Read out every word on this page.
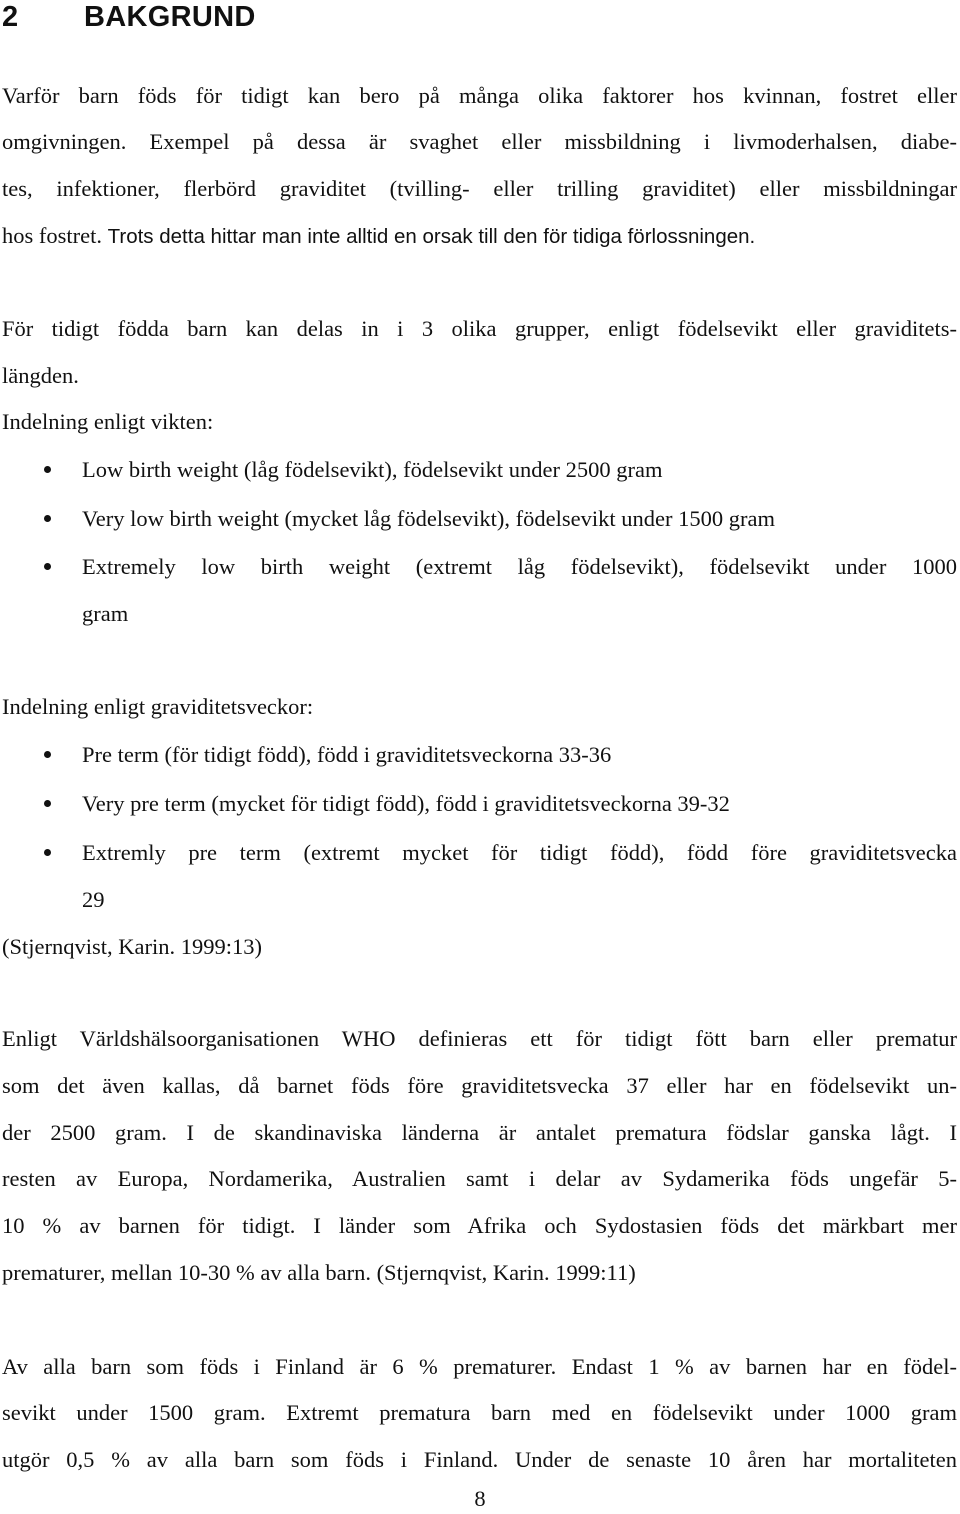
2 BAKGRUND
Varför barn föds för tidigt kan bero på många olika faktorer hos kvinnan, fostret eller
omgivningen. Exempel på dessa är svaghet eller missbildning i livmoderhalsen, diabe-
tes, infektioner, flerbörd graviditet (tvilling- eller trilling graviditet) eller missbildningar
hos fostret. Trots detta hittar man inte alltid en orsak till den för tidiga förlossningen.
För tidigt födda barn kan delas in i 3 olika grupper, enligt födelsevikt eller graviditets-
längden.
Indelning enligt vikten:
Low birth weight (låg födelsevikt), födelsevikt under 2500 gram
Very low birth weight (mycket låg födelsevikt), födelsevikt under 1500 gram
Extremely low birth weight (extremt låg födelsevikt), födelsevikt under 1000
gram
Indelning enligt graviditetsveckor:
Pre term (för tidigt född), född i graviditetsveckorna 33-36
Very pre term (mycket för tidigt född), född i graviditetsveckorna 39-32
Extremly pre term (extremt mycket för tidigt född), född före graviditetsvecka
29
(Stjernqvist, Karin. 1999:13)
Enligt Världshälsoorganisationen WHO definieras ett för tidigt fött barn eller prematur
som det även kallas, då barnet föds före graviditetsvecka 37 eller har en födelsevikt un-
der 2500 gram. I de skandinaviska länderna är antalet prematura födslar ganska lågt. I
resten av Europa, Nordamerika, Australien samt i delar av Sydamerika föds ungefär 5-
10 % av barnen för tidigt. I länder som Afrika och Sydostasien föds det märkbart mer
prematurer, mellan 10-30 % av alla barn. (Stjernqvist, Karin. 1999:11)
Av alla barn som föds i Finland är 6 % prematurer. Endast 1 % av barnen har en födel-
sevikt under 1500 gram. Extremt prematura barn med en födelsevikt under 1000 gram
utgör 0,5 % av alla barn som föds i Finland. Under de senaste 10 åren har mortaliteten
8
